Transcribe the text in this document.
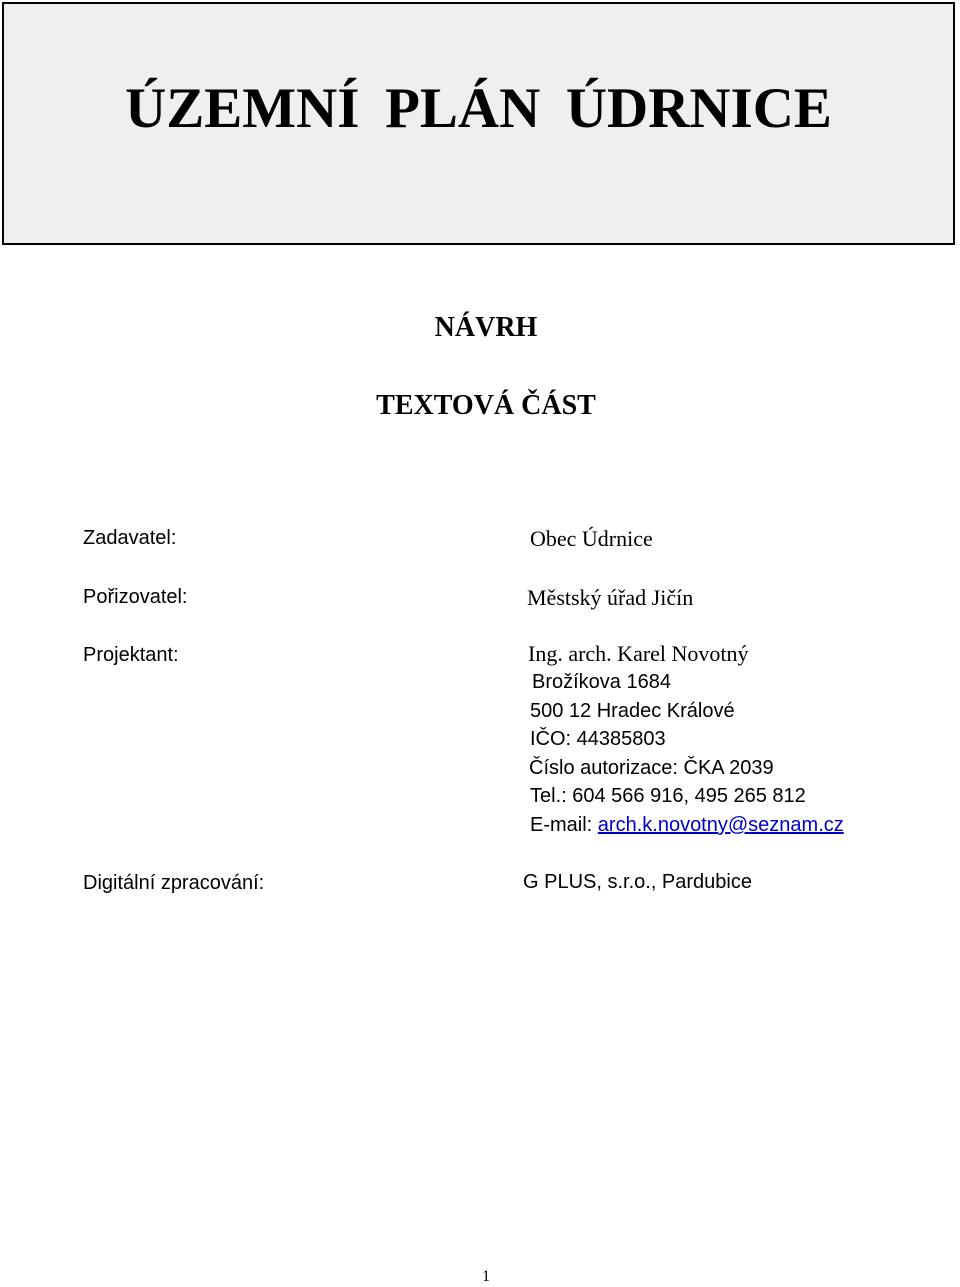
ÚZEMNÍ PLÁN ÚDRNICE
NÁVRH
TEXTOVÁ ČÁST
Zadavatel:	Obec Údrnice
Pořizovatel:	Městský úřad Jičín
Projektant:	Ing. arch. Karel Novotný
Brožíkova 1684
500 12 Hradec Králové
IČO: 44385803
Číslo autorizace: ČKA 2039
Tel.: 604 566 916, 495 265 812
E-mail: arch.k.novotny@seznam.cz
Digitální zpracování:	G PLUS, s.r.o., Pardubice
1
